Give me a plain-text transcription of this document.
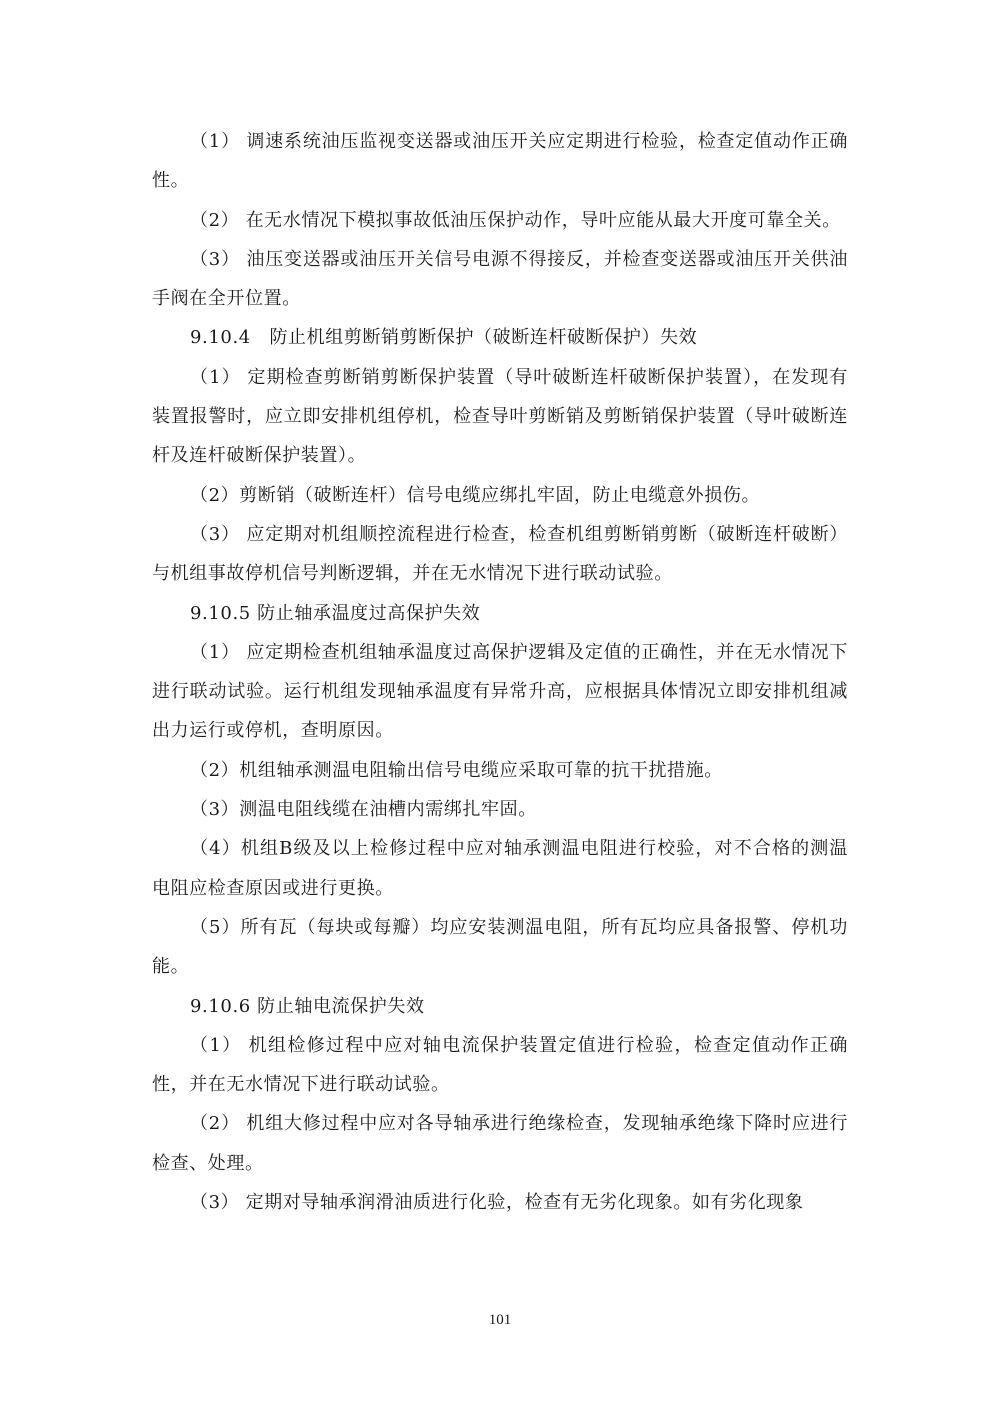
（1） 调速系统油压监视变送器或油压开关应定期进行检验，检查定值动作正确性。

（2） 在无水情况下模拟事故低油压保护动作，导叶应能从最大开度可靠全关。

（3） 油压变送器或油压开关信号电源不得接反，并检查变送器或油压开关供油手阀在全开位置。

9.10.4　防止机组剪断销剪断保护（破断连杆破断保护）失效

（1） 定期检查剪断销剪断保护装置（导叶破断连杆破断保护装置），在发现有装置报警时，应立即安排机组停机，检查导叶剪断销及剪断销保护装置（导叶破断连杆及连杆破断保护装置）。

（2）剪断销（破断连杆）信号电缆应绑扎牢固，防止电缆意外损伤。

（3） 应定期对机组顺控流程进行检查，检查机组剪断销剪断（破断连杆破断）与机组事故停机信号判断逻辑，并在无水情况下进行联动试验。

9.10.5 防止轴承温度过高保护失效

（1） 应定期检查机组轴承温度过高保护逻辑及定值的正确性，并在无水情况下进行联动试验。运行机组发现轴承温度有异常升高，应根据具体情况立即安排机组减出力运行或停机，查明原因。

（2）机组轴承测温电阻输出信号电缆应采取可靠的抗干扰措施。

（3）测温电阻线缆在油槽内需绑扎牢固。

（4）机组B级及以上检修过程中应对轴承测温电阻进行校验，对不合格的测温电阻应检查原因或进行更换。

（5）所有瓦（每块或每瓣）均应安装测温电阻，所有瓦均应具备报警、停机功能。

9.10.6 防止轴电流保护失效

（1） 机组检修过程中应对轴电流保护装置定值进行检验，检查定值动作正确性，并在无水情况下进行联动试验。

（2） 机组大修过程中应对各导轴承进行绝缘检查，发现轴承绝缘下降时应进行检查、处理。

（3） 定期对导轴承润滑油质进行化验，检查有无劣化现象。如有劣化现象

101
